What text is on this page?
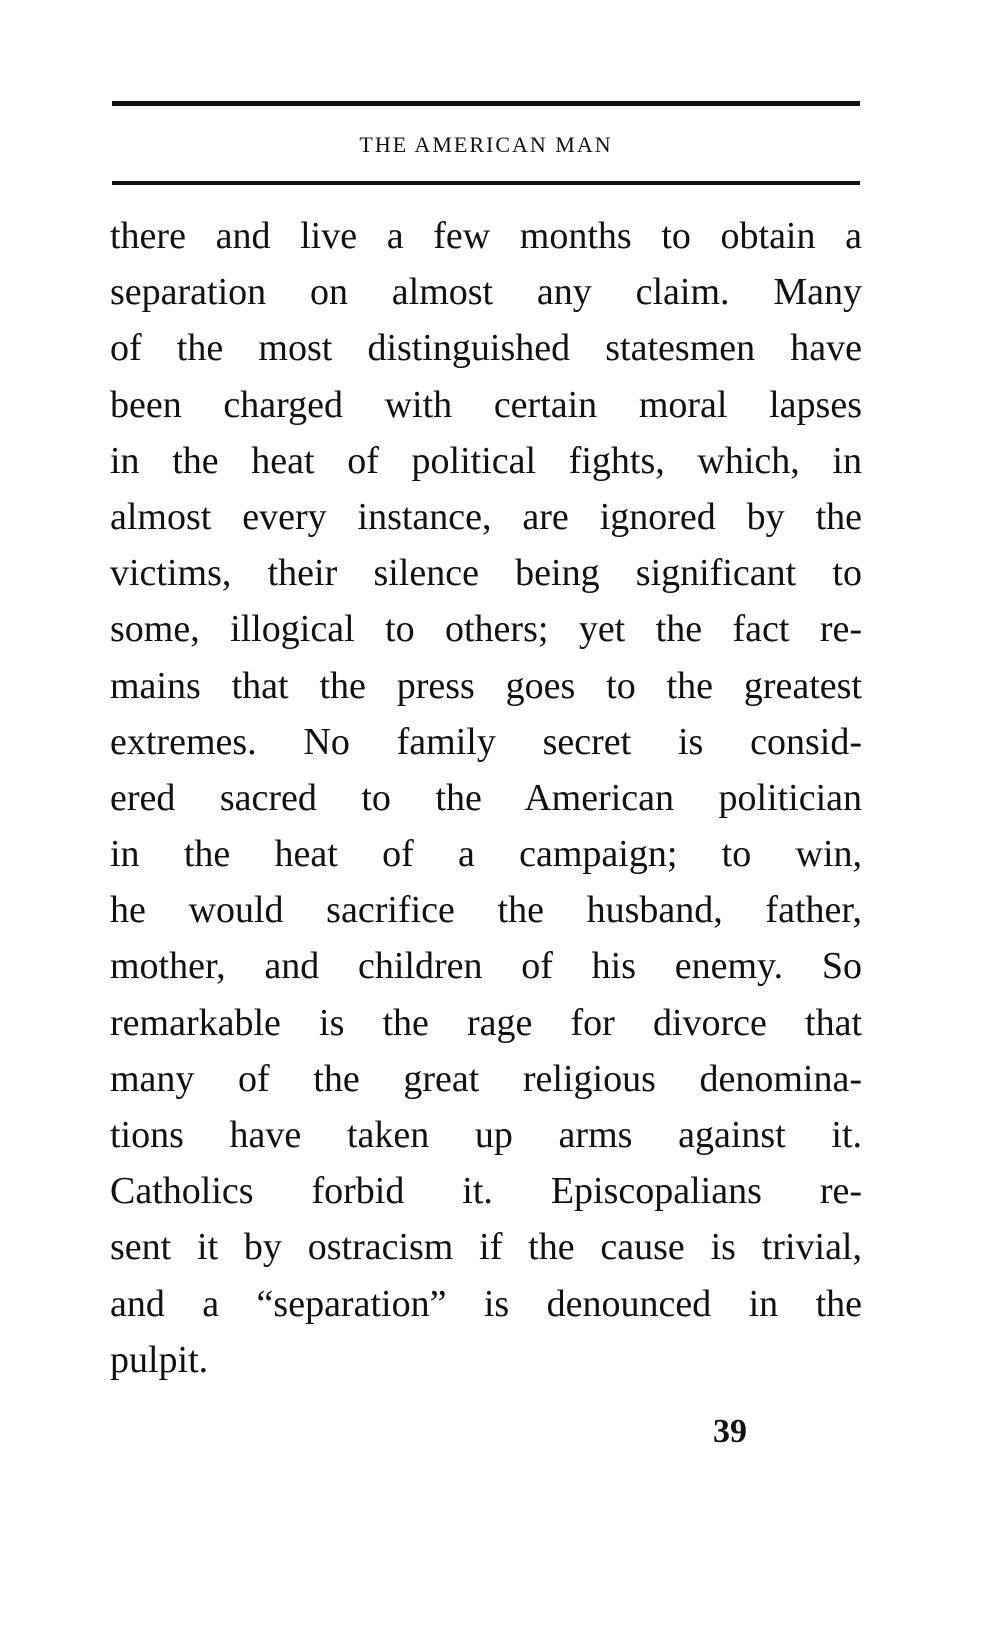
THE AMERICAN MAN
there and live a few months to obtain a
separation on almost any claim. Many
of the most distinguished statesmen have
been charged with certain moral lapses
in the heat of political fights, which, in
almost every instance, are ignored by the
victims, their silence being significant to
some, illogical to others; yet the fact re-
mains that the press goes to the greatest
extremes. No family secret is consid-
ered sacred to the American politician
in the heat of a campaign; to win,
he would sacrifice the husband, father,
mother, and children of his enemy. So
remarkable is the rage for divorce that
many of the great religious denomina-
tions have taken up arms against it.
Catholics forbid it. Episcopalians re-
sent it by ostracism if the cause is trivial,
and a “separation” is denounced in the
pulpit.
39
